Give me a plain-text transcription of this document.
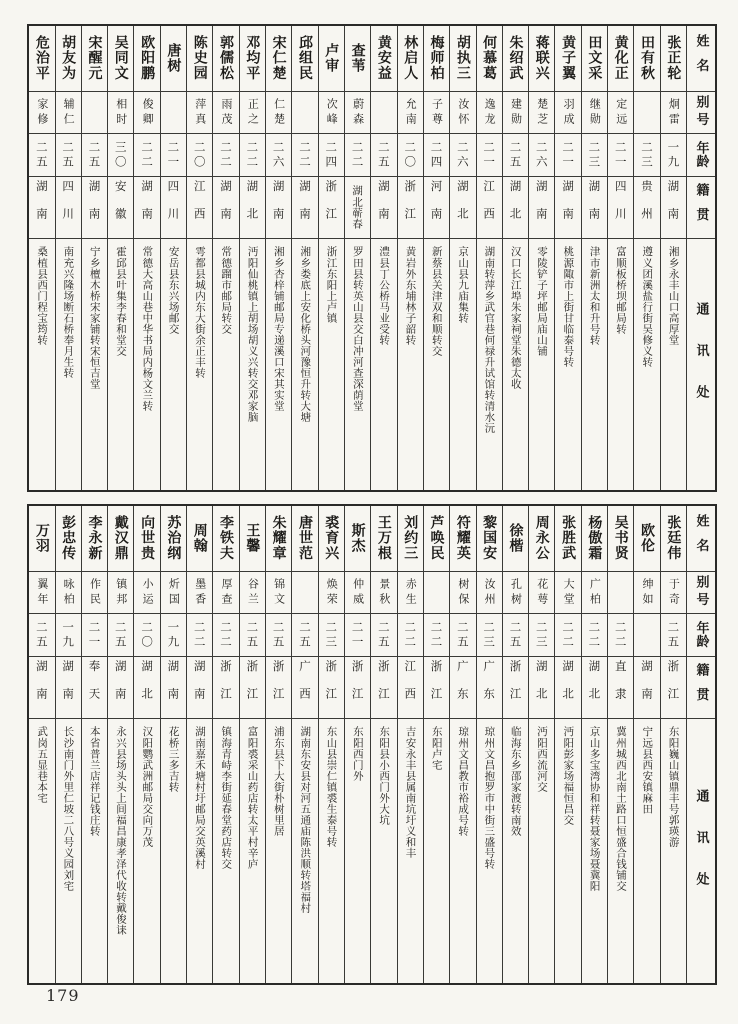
姓名
别号
年龄
籍贯
通讯处
张正轮
炯雷
一九
湖南
湘乡永丰山口高厚堂
田有秋
二三
贵州
遵义团溪盐行街吴修义转
黄化正
定远
二一
四川
富顺板桥坝邮局转
田文采
继勋
二三
湖南
津市新洲太和升号转
黄子翼
羽成
二一
湖南
桃源陬市上街甘临泰号转
蒋联兴
楚芝
二六
湖南
零陵铲子坪邮局庙山铺
朱绍武
建勋
二五
湖北
汉口长江埠朱家祠堂朱德太收
何慕葛
逸龙
二一
江西
湖南转萍乡武官巷何禄升试馆转清水沅
胡执三
汝怀
二六
湖北
京山县九庙集转
梅师柏
子尊
二四
河南
新蔡县关津双和顺转交
林启人
允南
二〇
浙江
黄岩外东埔林子韶转
黄安益
二五
湖南
澧县丁公桥马业受转
查苇
蔚森
二二
湖北蕲春
罗田县转英山县交白冲河查深荫堂
卢审
次峰
二四
浙江
浙江东阳上卢镇
邱组民
二二
湖南
湘乡娄底上安化桥头河豫恒升转大塘
宋仁楚
仁楚
二六
湖南
湘乡杏梓铺邮局专递溪口宋其实堂
邓均平
正之
二二
湖北
沔阳仙桃镇上胡场胡义兴转交邓家脑
郭儒松
雨茂
二二
湖南
常德蹓市邮局转交
陈史园
萍真
二〇
江西
雩都县城内东大街余正丰转
唐树
二一
四川
安岳县东兴场邮交
欧阳鹏
俊卿
二二
湖南
常德大高山巷中华书局内杨文兰转
吴同文
相时
三〇
安徽
霍邱县叶集李春和堂交
宋醒元
二五
湖南
宁乡檀木桥宋家铺转宋恒吉堂
胡友为
辅仁
二五
四川
南充兴隆场断石桥奉月生转
危治平
家修
二五
湖南
桑植县西门程宝筠转
姓名
别号
年龄
籍贯
通讯处
张廷伟
于奇
二五
浙江
东阳巍山镇鼎丰号郭瑛游
欧伦
绅如
湖南
宁远县西安镇麻田
吴书贤
二二
直隶
冀州城西北南土路口恒盛合钱铺交
杨傲霜
广柏
二二
湖北
京山多宝湾协和祥转聂家场聂冀阳
张胜武
大堂
二二
湖北
沔阳彭家场福恒昌交
周永公
花萼
二三
湖北
沔阳西流河交
徐楷
孔树
二五
浙江
临海东乡邵家渡转南效
黎国安
汝州
二三
广东
琼州文昌抱罗市中街三盛号转
符耀英
树保
二五
广东
琼州文昌教市裕成号转
芦唤民
二二
浙江
东阳卢宅
刘约三
赤生
二二
江西
吉安永丰县属南坑圩义和丰
王万根
景秋
二五
浙江
东阳县小西门外大坑
斯杰
仲威
二一
浙江
东阳西门外
裘育兴
焕荣
二三
浙江
东山县崇仁镇裘生泰号转
唐世范
二五
广西
湖南东安县对河五通庙陈洪顺转塔福村
朱耀章
锦文
二五
浙江
浦东县下大街朴树里居
王馨
谷兰
二五
浙江
富阳裘采山药店转太平村辛庐
李铁夫
厚查
二二
浙江
镇海青峙李街延春堂药店转交
周翰
墨香
二二
湖南
湖南嘉禾塘村圩邮局交英溪村
苏治纲
炘国
一九
湖南
花桥三多吉转
向世贵
小运
二〇
湖北
汉阳鹦武洲邮局交向万茂
戴汉鼎
镇邦
二五
湖南
永兴县场头头上间福昌康孝泽代收转戴俊诔
李永新
作民
二一
奉天
本省普兰店祥记钱庄转
彭忠传
咏柏
一九
湖南
长沙南门外里仁坡二八号义园刘宅
万羽
翼年
二五
湖南
武岗五显巷本宅
179
